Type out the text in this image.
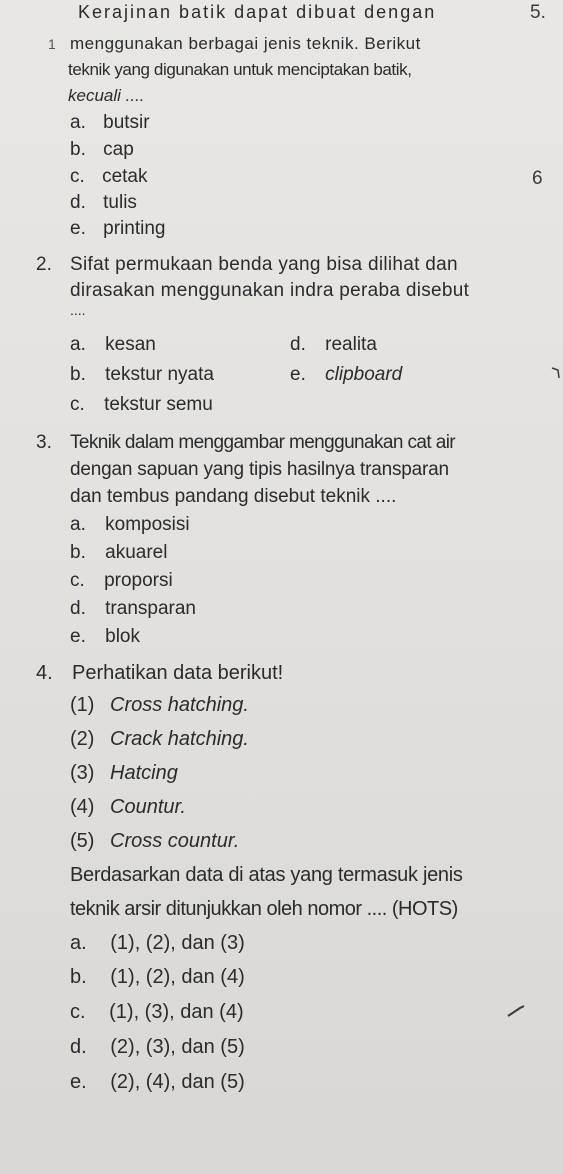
5.
6
1
Kerajinan batik dapat dibuat dengan
menggunakan berbagai jenis teknik. Berikut
teknik yang digunakan untuk menciptakan batik,
kecuali ....
a. butsir
b. cap
c. cetak
d. tulis
e. printing
2. Sifat permukaan benda yang bisa dilihat dan
dirasakan menggunakan indra peraba disebut
....
a. kesan
b. tekstur nyata
c. tekstur semu
d. realita
e. clipboard
3. Teknik dalam menggambar menggunakan cat air
dengan sapuan yang tipis hasilnya transparan
dan tembus pandang disebut teknik ....
a. komposisi
b. akuarel
c. proporsi
d. transparan
e. blok
4. Perhatikan data berikut!
(1) Cross hatching.
(2) Crack hatching.
(3) Hatcing
(4) Countur.
(5) Cross countur.
Berdasarkan data di atas yang termasuk jenis
teknik arsir ditunjukkan oleh nomor .... (HOTS)
a. (1), (2), dan (3)
b. (1), (2), dan (4)
c. (1), (3), dan (4)
d. (2), (3), dan (5)
e. (2), (4), dan (5)
